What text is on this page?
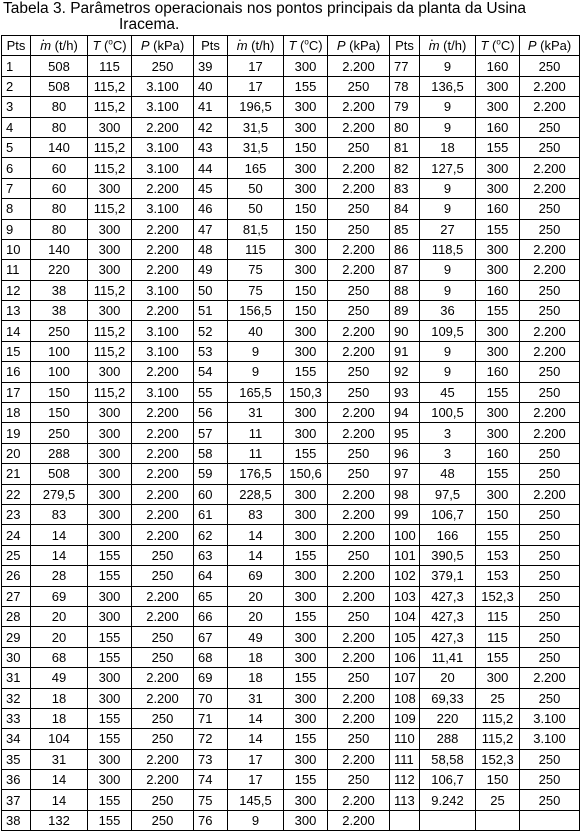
Tabela 3. Parâmetros operacionais nos pontos principais da planta da Usina
Iracema.
Pts	· m (t/h)	T ($^o$C)	P (kPa)	Pts	· m (t/h)	T ($^o$C)	P (kPa)	Pts	· m (t/h)	T ($^o$C)	P (kPa)
1	508	115	250	39	17	300	2.200	77	9	160	250
2	508	115,2	3.100	40	17	155	250	78	136,5	300	2.200
3	80	115,2	3.100	41	196,5	300	2.200	79	9	300	2.200
4	80	300	2.200	42	31,5	300	2.200	80	9	160	250
5	140	115,2	3.100	43	31,5	150	250	81	18	155	250
6	60	115,2	3.100	44	165	300	2.200	82	127,5	300	2.200
7	60	300	2.200	45	50	300	2.200	83	9	300	2.200
8	80	115,2	3.100	46	50	150	250	84	9	160	250
9	80	300	2.200	47	81,5	150	250	85	27	155	250
10	140	300	2.200	48	115	300	2.200	86	118,5	300	2.200
11	220	300	2.200	49	75	300	2.200	87	9	300	2.200
12	38	115,2	3.100	50	75	150	250	88	9	160	250
13	38	300	2.200	51	156,5	150	250	89	36	155	250
14	250	115,2	3.100	52	40	300	2.200	90	109,5	300	2.200
15	100	115,2	3.100	53	9	300	2.200	91	9	300	2.200
16	100	300	2.200	54	9	155	250	92	9	160	250
17	150	115,2	3.100	55	165,5	150,3	250	93	45	155	250
18	150	300	2.200	56	31	300	2.200	94	100,5	300	2.200
19	250	300	2.200	57	11	300	2.200	95	3	300	2.200
20	288	300	2.200	58	11	155	250	96	3	160	250
21	508	300	2.200	59	176,5	150,6	250	97	48	155	250
22	279,5	300	2.200	60	228,5	300	2.200	98	97,5	300	2.200
23	83	300	2.200	61	83	300	2.200	99	106,7	150	250
24	14	300	2.200	62	14	300	2.200	100	166	155	250
25	14	155	250	63	14	155	250	101	390,5	153	250
26	28	155	250	64	69	300	2.200	102	379,1	153	250
27	69	300	2.200	65	20	300	2.200	103	427,3	152,3	250
28	20	300	2.200	66	20	155	250	104	427,3	115	250
29	20	155	250	67	49	300	2.200	105	427,3	115	250
30	68	155	250	68	18	300	2.200	106	11,41	155	250
31	49	300	2.200	69	18	155	250	107	20	300	2.200
32	18	300	2.200	70	31	300	2.200	108	69,33	25	250
33	18	155	250	71	14	300	2.200	109	220	115,2	3.100
34	104	155	250	72	14	155	250	110	288	115,2	3.100
35	31	300	2.200	73	17	300	2.200	111	58,58	152,3	250
36	14	300	2.200	74	17	155	250	112	106,7	150	250
37	14	155	250	75	145,5	300	2.200	113	9.242	25	250
38	132	155	250	76	9	300	2.200				
